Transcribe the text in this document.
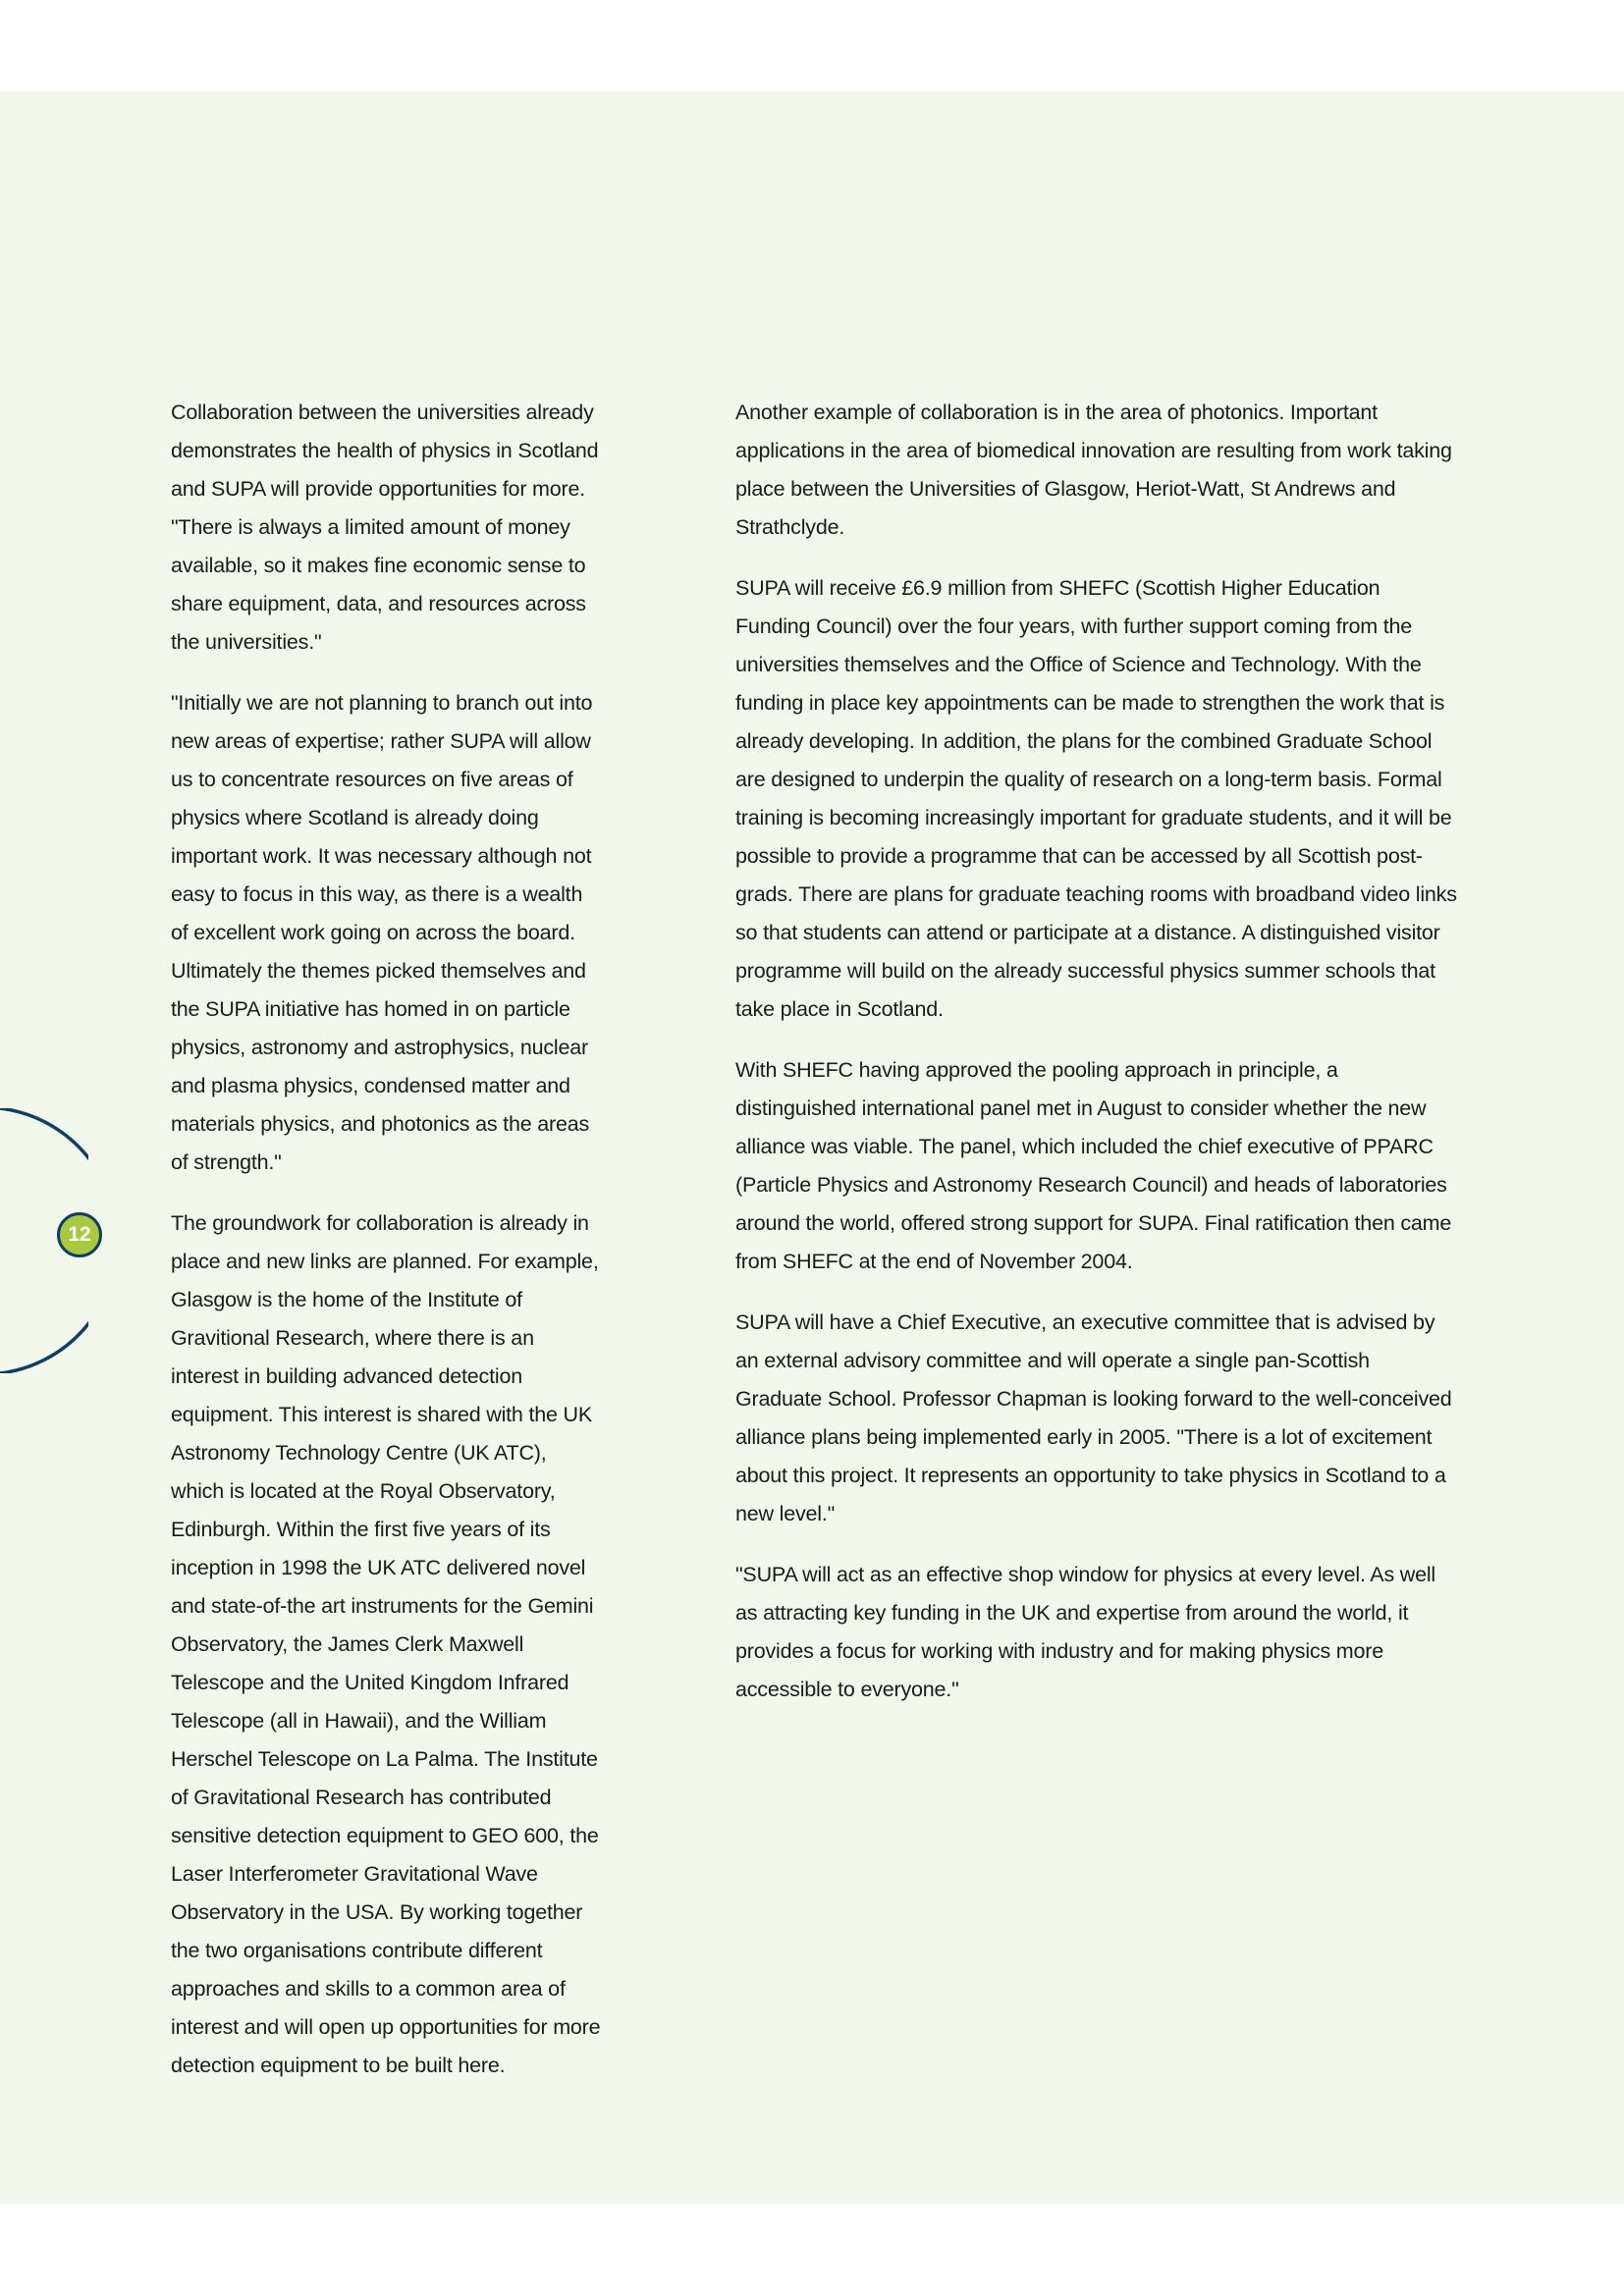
12

Collaboration between the universities already demonstrates the health of physics in Scotland and SUPA will provide opportunities for more. "There is always a limited amount of money available, so it makes fine economic sense to share equipment, data, and resources across the universities."

"Initially we are not planning to branch out into new areas of expertise; rather SUPA will allow us to concentrate resources on five areas of physics where Scotland is already doing important work. It was necessary although not easy to focus in this way, as there is a wealth of excellent work going on across the board. Ultimately the themes picked themselves and the SUPA initiative has homed in on particle physics, astronomy and astrophysics, nuclear and plasma physics, condensed matter and materials physics, and photonics as the areas of strength."

The groundwork for collaboration is already in place and new links are planned. For example, Glasgow is the home of the Institute of Gravitional Research, where there is an interest in building advanced detection equipment. This interest is shared with the UK Astronomy Technology Centre (UK ATC), which is located at the Royal Observatory, Edinburgh. Within the first five years of its inception in 1998 the UK ATC delivered novel and state-of-the art instruments for the Gemini Observatory, the James Clerk Maxwell Telescope and the United Kingdom Infrared Telescope (all in Hawaii), and the William Herschel Telescope on La Palma. The Institute of Gravitational Research has contributed sensitive detection equipment to GEO 600, the Laser Interferometer Gravitational Wave Observatory in the USA. By working together the two organisations contribute different approaches and skills to a common area of interest and will open up opportunities for more detection equipment to be built here.

Another example of collaboration is in the area of photonics. Important applications in the area of biomedical innovation are resulting from work taking place between the Universities of Glasgow, Heriot-Watt, St Andrews and Strathclyde.

SUPA will receive £6.9 million from SHEFC (Scottish Higher Education Funding Council) over the four years, with further support coming from the universities themselves and the Office of Science and Technology. With the funding in place key appointments can be made to strengthen the work that is already developing. In addition, the plans for the combined Graduate School are designed to underpin the quality of research on a long-term basis. Formal training is becoming increasingly important for graduate students, and it will be possible to provide a programme that can be accessed by all Scottish post-grads. There are plans for graduate teaching rooms with broadband video links so that students can attend or participate at a distance. A distinguished visitor programme will build on the already successful physics summer schools that take place in Scotland.

With SHEFC having approved the pooling approach in principle, a distinguished international panel met in August to consider whether the new alliance was viable. The panel, which included the chief executive of PPARC (Particle Physics and Astronomy Research Council) and heads of laboratories around the world, offered strong support for SUPA. Final ratification then came from SHEFC at the end of November 2004.

SUPA will have a Chief Executive, an executive committee that is advised by an external advisory committee and will operate a single pan-Scottish Graduate School. Professor Chapman is looking forward to the well-conceived alliance plans being implemented early in 2005. "There is a lot of excitement about this project. It represents an opportunity to take physics in Scotland to a new level."

"SUPA will act as an effective shop window for physics at every level. As well as attracting key funding in the UK and expertise from around the world, it provides a focus for working with industry and for making physics more accessible to everyone."
